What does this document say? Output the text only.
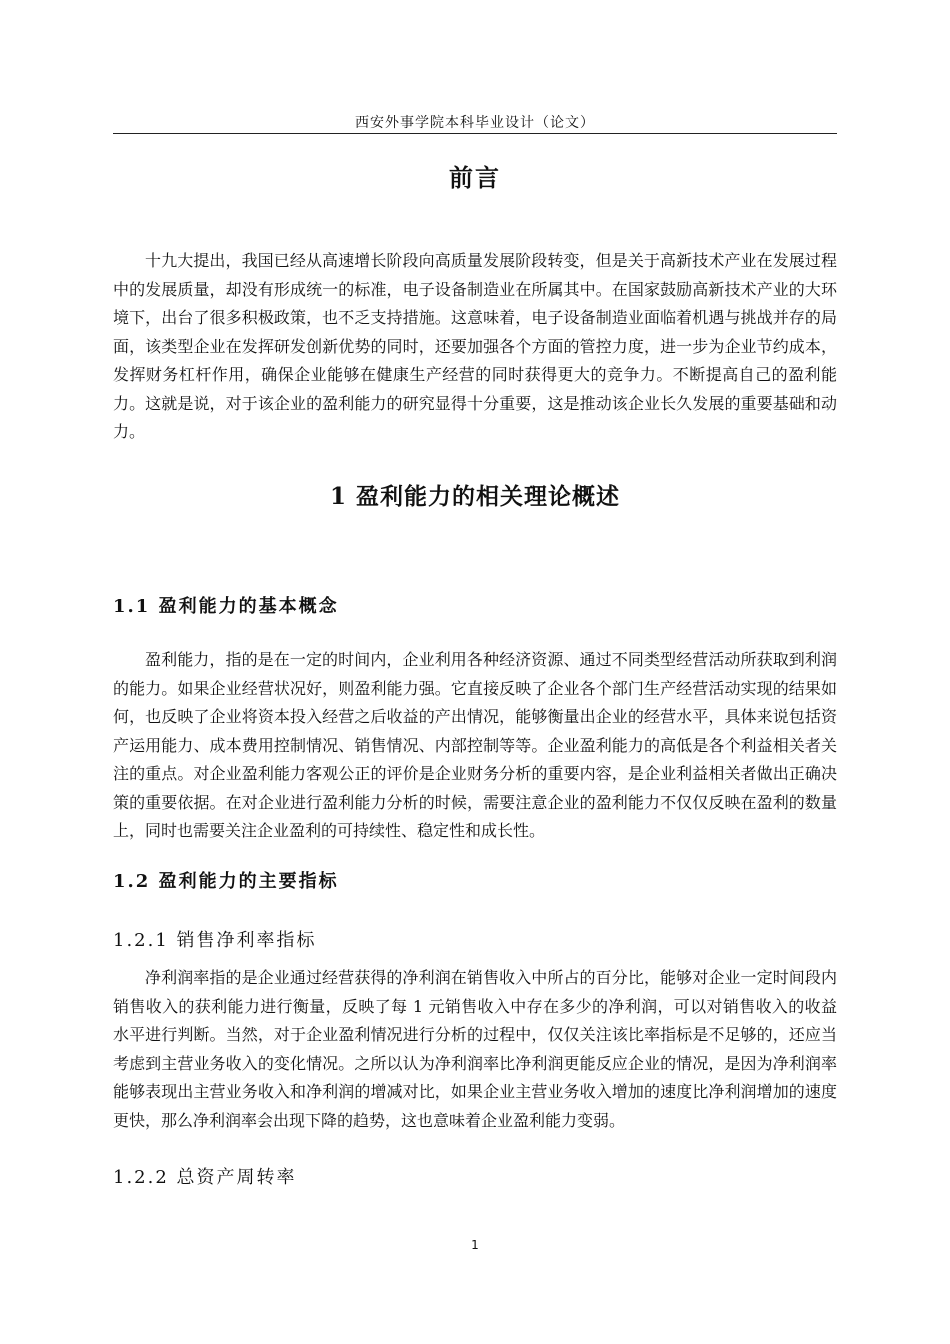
西安外事学院本科毕业设计（论文）
前言

十九大提出，我国已经从高速增长阶段向高质量发展阶段转变，但是关于高新技术产业在发展过程中的发展质量，却没有形成统一的标准，电子设备制造业在所属其中。在国家鼓励高新技术产业的大环境下，出台了很多积极政策，也不乏支持措施。这意味着，电子设备制造业面临着机遇与挑战并存的局面，该类型企业在发挥研发创新优势的同时，还要加强各个方面的管控力度，进一步为企业节约成本，发挥财务杠杆作用，确保企业能够在健康生产经营的同时获得更大的竞争力。不断提高自己的盈利能力。这就是说，对于该企业的盈利能力的研究显得十分重要，这是推动该企业长久发展的重要基础和动力。

1 盈利能力的相关理论概述
1.1 盈利能力的基本概念

盈利能力，指的是在一定的时间内，企业利用各种经济资源、通过不同类型经营活动所获取到利润的能力。如果企业经营状况好，则盈利能力强。它直接反映了企业各个部门生产经营活动实现的结果如何，也反映了企业将资本投入经营之后收益的产出情况，能够衡量出企业的经营水平，具体来说包括资产运用能力、成本费用控制情况、销售情况、内部控制等等。企业盈利能力的高低是各个利益相关者关注的重点。对企业盈利能力客观公正的评价是企业财务分析的重要内容，是企业利益相关者做出正确决策的重要依据。在对企业进行盈利能力分析的时候，需要注意企业的盈利能力不仅仅反映在盈利的数量上，同时也需要关注企业盈利的可持续性、稳定性和成长性。

1.2 盈利能力的主要指标
1.2.1 销售净利率指标

净利润率指的是企业通过经营获得的净利润在销售收入中所占的百分比，能够对企业一定时间段内销售收入的获利能力进行衡量，反映了每 1 元销售收入中存在多少的净利润，可以对销售收入的收益水平进行判断。当然，对于企业盈利情况进行分析的过程中，仅仅关注该比率指标是不足够的，还应当考虑到主营业务收入的变化情况。之所以认为净利润率比净利润更能反应企业的情况，是因为净利润率能够表现出主营业务收入和净利润的增减对比，如果企业主营业务收入增加的速度比净利润增加的速度更快，那么净利润率会出现下降的趋势，这也意味着企业盈利能力变弱。

1.2.2 总资产周转率
1
